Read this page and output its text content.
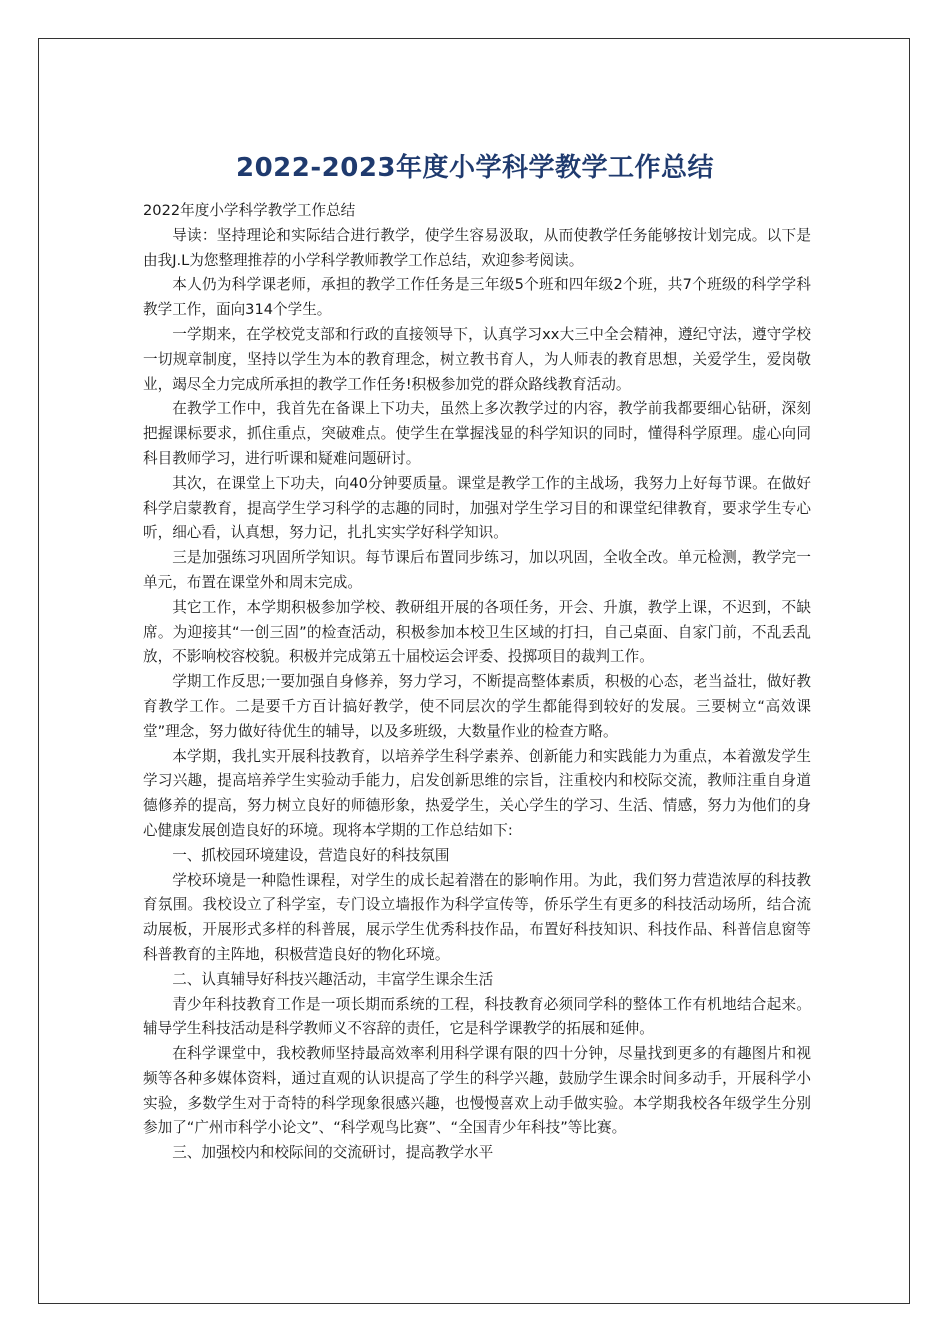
2022-2023年度小学科学教学工作总结

2022年度小学科学教学工作总结

导读：坚持理论和实际结合进行教学，使学生容易汲取，从而使教学任务能够按计划完成。以下是由我J.L为您整理推荐的小学科学教师教学工作总结，欢迎参考阅读。

本人仍为科学课老师，承担的教学工作任务是三年级5个班和四年级2个班，共7个班级的科学学科教学工作，面向314个学生。

一学期来，在学校党支部和行政的直接领导下，认真学习xx大三中全会精神，遵纪守法，遵守学校一切规章制度，坚持以学生为本的教育理念，树立教书育人，为人师表的教育思想，关爱学生，爱岗敬业，竭尽全力完成所承担的教学工作任务!积极参加党的群众路线教育活动。

在教学工作中，我首先在备课上下功夫，虽然上多次教学过的内容，教学前我都要细心钻研，深刻把握课标要求，抓住重点，突破难点。使学生在掌握浅显的科学知识的同时，懂得科学原理。虚心向同科目教师学习，进行听课和疑难问题研讨。

其次，在课堂上下功夫，向40分钟要质量。课堂是教学工作的主战场，我努力上好每节课。在做好科学启蒙教育，提高学生学习科学的志趣的同时，加强对学生学习目的和课堂纪律教育，要求学生专心听，细心看，认真想，努力记，扎扎实实学好科学知识。

三是加强练习巩固所学知识。每节课后布置同步练习，加以巩固，全收全改。单元检测，教学完一单元，布置在课堂外和周末完成。

其它工作，本学期积极参加学校、教研组开展的各项任务，开会、升旗，教学上课，不迟到，不缺席。为迎接其“一创三固”的检查活动，积极参加本校卫生区域的打扫，自己桌面、自家门前，不乱丢乱放，不影响校容校貌。积极并完成第五十届校运会评委、投掷项目的裁判工作。

学期工作反思;一要加强自身修养，努力学习，不断提高整体素质，积极的心态，老当益壮，做好教育教学工作。二是要千方百计搞好教学，使不同层次的学生都能得到较好的发展。三要树立“高效课堂”理念，努力做好待优生的辅导，以及多班级，大数量作业的检查方略。

本学期，我扎实开展科技教育，以培养学生科学素养、创新能力和实践能力为重点，本着激发学生学习兴趣，提高培养学生实验动手能力，启发创新思维的宗旨，注重校内和校际交流，教师注重自身道德修养的提高，努力树立良好的师德形象，热爱学生，关心学生的学习、生活、情感，努力为他们的身心健康发展创造良好的环境。现将本学期的工作总结如下:

一、抓校园环境建设，营造良好的科技氛围

学校环境是一种隐性课程，对学生的成长起着潜在的影响作用。为此，我们努力营造浓厚的科技教育氛围。我校设立了科学室，专门设立墙报作为科学宣传等，侨乐学生有更多的科技活动场所，结合流动展板，开展形式多样的科普展，展示学生优秀科技作品，布置好科技知识、科技作品、科普信息窗等科普教育的主阵地，积极营造良好的物化环境。

二、认真辅导好科技兴趣活动，丰富学生课余生活

青少年科技教育工作是一项长期而系统的工程，科技教育必须同学科的整体工作有机地结合起来。辅导学生科技活动是科学教师义不容辞的责任，它是科学课教学的拓展和延伸。

在科学课堂中，我校教师坚持最高效率利用科学课有限的四十分钟，尽量找到更多的有趣图片和视频等各种多媒体资料，通过直观的认识提高了学生的科学兴趣，鼓励学生课余时间多动手，开展科学小实验，多数学生对于奇特的科学现象很感兴趣，也慢慢喜欢上动手做实验。本学期我校各年级学生分别参加了“广州市科学小论文”、“科学观鸟比赛”、“全国青少年科技”等比赛。

三、加强校内和校际间的交流研讨，提高教学水平
